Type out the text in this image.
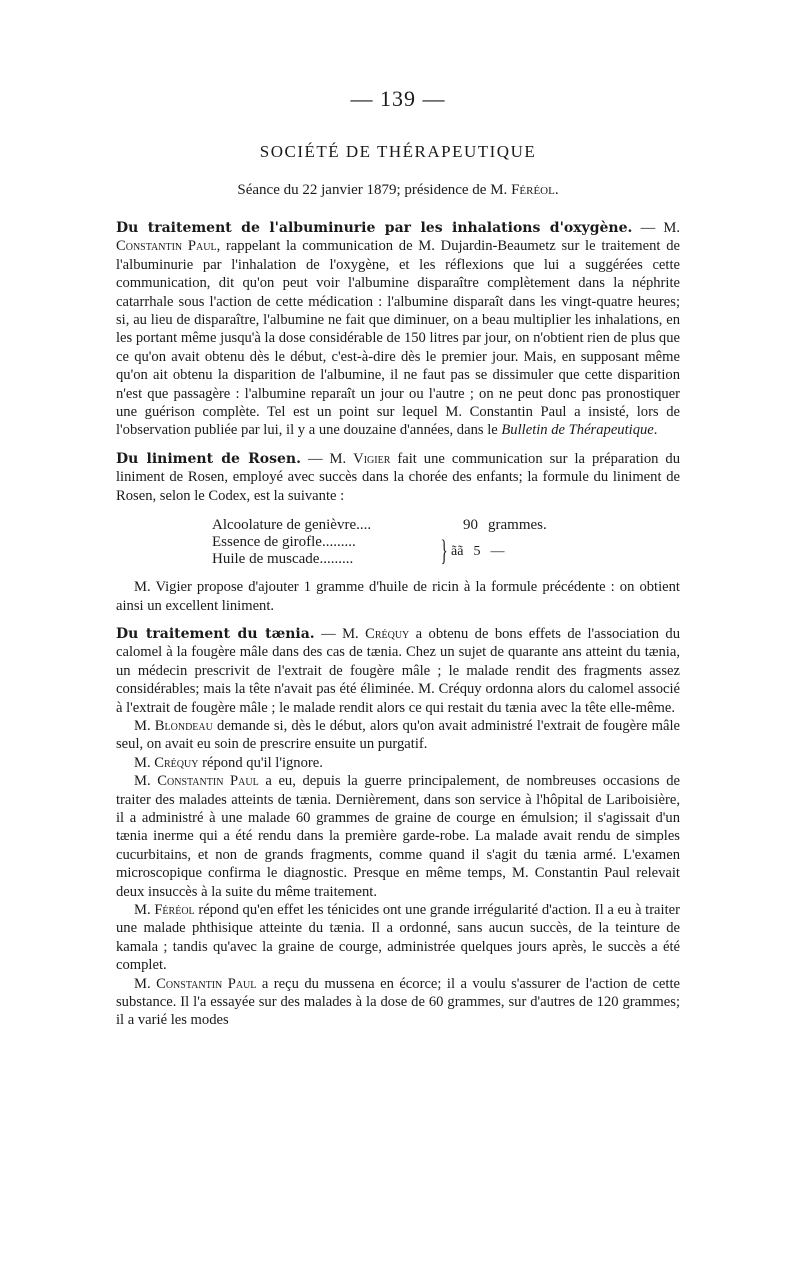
— 139 —
SOCIÉTÉ DE THÉRAPEUTIQUE
Séance du 22 janvier 1879; présidence de M. Féréol.

Du traitement de l'albuminurie par les inhalations d'oxygène. — M. Constantin Paul, rappelant la communication de M. Dujardin-Beaumetz sur le traitement de l'albuminurie par l'inhalation de l'oxygène, et les réflexions que lui a suggérées cette communication, dit qu'on peut voir l'albumine disparaître complètement dans la néphrite catarrhale sous l'action de cette médication : l'albumine disparaît dans les vingt-quatre heures; si, au lieu de disparaître, l'albumine ne fait que diminuer, on a beau multiplier les inhalations, en les portant même jusqu'à la dose considérable de 150 litres par jour, on n'obtient rien de plus que ce qu'on avait obtenu dès le début, c'est-à-dire dès le premier jour. Mais, en supposant même qu'on ait obtenu la disparition de l'albumine, il ne faut pas se dissimuler que cette disparition n'est que passagère : l'albumine reparaît un jour ou l'autre ; on ne peut donc pas pronostiquer une guérison complète. Tel est un point sur lequel M. Constantin Paul a insisté, lors de l'observation publiée par lui, il y a une douzaine d'années, dans le Bulletin de Thérapeutique.

Du liniment de Rosen. — M. Vigier fait une communication sur la préparation du liniment de Rosen, employé avec succès dans la chorée des enfants; la formule du liniment de Rosen, selon le Codex, est la suivante :

Alcoolature de genièvre....	90 grammes.
Essence de girofle.........
Huile de muscade.........	} ãã 5 —

M. Vigier propose d'ajouter 1 gramme d'huile de ricin à la formule précédente : on obtient ainsi un excellent liniment.

Du traitement du tænia. — M. Créquy a obtenu de bons effets de l'association du calomel à la fougère mâle dans des cas de tænia. Chez un sujet de quarante ans atteint du tænia, un médecin prescrivit de l'extrait de fougère mâle ; le malade rendit des fragments assez considérables; mais la tête n'avait pas été éliminée. M. Créquy ordonna alors du calomel associé à l'extrait de fougère mâle ; le malade rendit alors ce qui restait du tænia avec la tête elle-même.

M. Blondeau demande si, dès le début, alors qu'on avait administré l'extrait de fougère mâle seul, on avait eu soin de prescrire ensuite un purgatif.

M. Créquy répond qu'il l'ignore.

M. Constantin Paul a eu, depuis la guerre principalement, de nombreuses occasions de traiter des malades atteints de tænia. Dernièrement, dans son service à l'hôpital de Lariboisière, il a administré à une malade 60 grammes de graine de courge en émulsion; il s'agissait d'un tænia inerme qui a été rendu dans la première garde-robe. La malade avait rendu de simples cucurbitains, et non de grands fragments, comme quand il s'agit du tænia armé. L'examen microscopique confirma le diagnostic. Presque en même temps, M. Constantin Paul relevait deux insuccès à la suite du même traitement.

M. Féréol répond qu'en effet les ténicides ont une grande irrégularité d'action. Il a eu à traiter une malade phthisique atteinte du tænia. Il a ordonné, sans aucun succès, de la teinture de kamala ; tandis qu'avec la graine de courge, administrée quelques jours après, le succès a été complet.

M. Constantin Paul a reçu du mussena en écorce; il a voulu s'assurer de l'action de cette substance. Il l'a essayée sur des malades à la dose de 60 grammes, sur d'autres de 120 grammes; il a varié les modes
